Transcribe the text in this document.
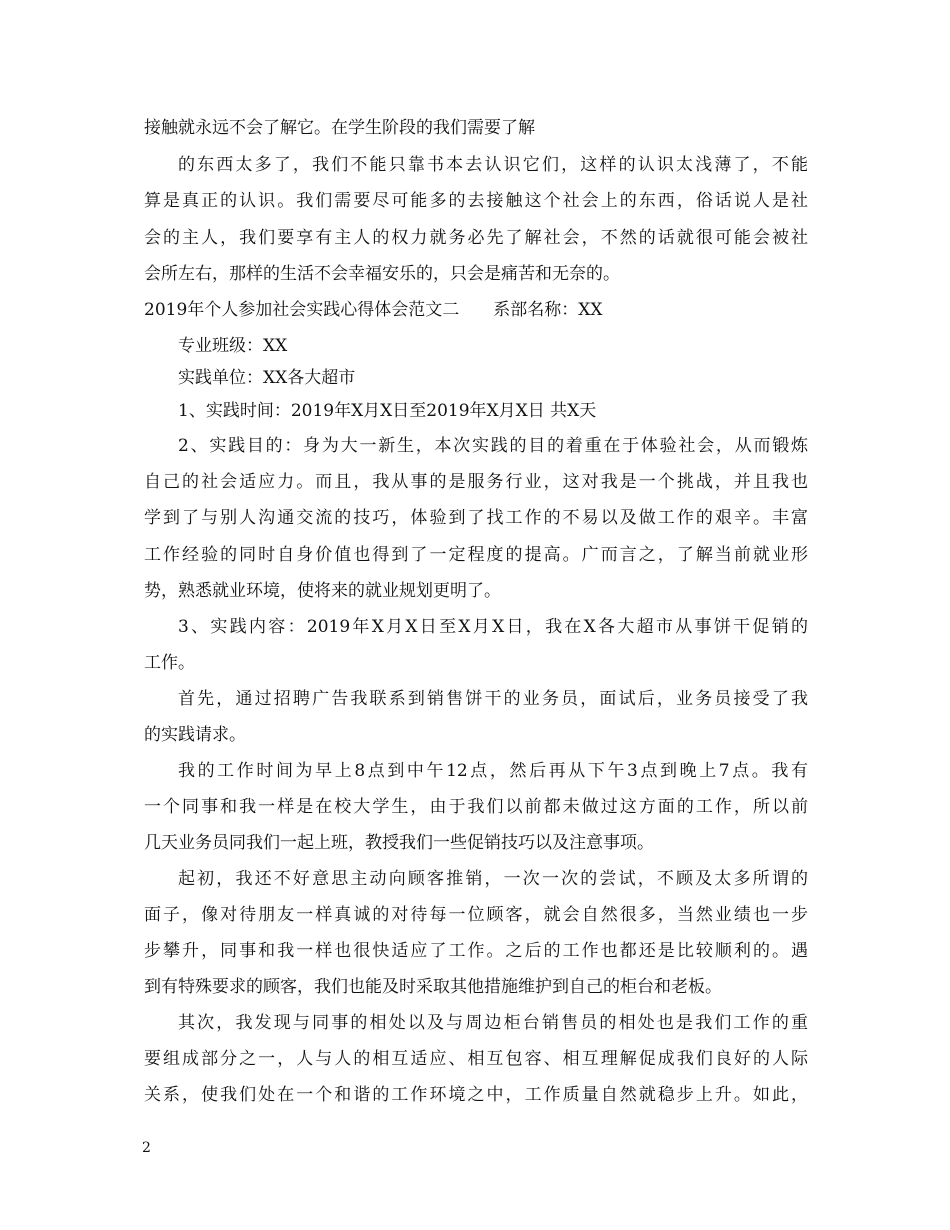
接触就永远不会了解它。在学生阶段的我们需要了解
的东西太多了，我们不能只靠书本去认识它们，这样的认识太浅薄了，不能
算是真正的认识。我们需要尽可能多的去接触这个社会上的东西，俗话说人是社
会的主人，我们要享有主人的权力就务必先了解社会，不然的话就很可能会被社
会所左右，那样的生活不会幸福安乐的，只会是痛苦和无奈的。
2019年个人参加社会实践心得体会范文二　　系部名称：XX
专业班级：XX
实践单位：XX各大超市
1、实践时间：2019年X月X日至2019年X月X日 共X天
2、实践目的：身为大一新生，本次实践的目的着重在于体验社会，从而锻炼
自己的社会适应力。而且，我从事的是服务行业，这对我是一个挑战，并且我也
学到了与别人沟通交流的技巧，体验到了找工作的不易以及做工作的艰辛。丰富
工作经验的同时自身价值也得到了一定程度的提高。广而言之，了解当前就业形
势，熟悉就业环境，使将来的就业规划更明了。
3、实践内容：2019年X月X日至X月X日，我在X各大超市从事饼干促销的
工作。
首先，通过招聘广告我联系到销售饼干的业务员，面试后，业务员接受了我
的实践请求。
我的工作时间为早上8点到中午12点，然后再从下午3点到晚上7点。我有
一个同事和我一样是在校大学生，由于我们以前都未做过这方面的工作，所以前
几天业务员同我们一起上班，教授我们一些促销技巧以及注意事项。
起初，我还不好意思主动向顾客推销，一次一次的尝试，不顾及太多所谓的
面子，像对待朋友一样真诚的对待每一位顾客，就会自然很多，当然业绩也一步
步攀升，同事和我一样也很快适应了工作。之后的工作也都还是比较顺利的。遇
到有特殊要求的顾客，我们也能及时采取其他措施维护到自己的柜台和老板。
其次，我发现与同事的相处以及与周边柜台销售员的相处也是我们工作的重
要组成部分之一，人与人的相互适应、相互包容、相互理解促成我们良好的人际
关系，使我们处在一个和谐的工作环境之中，工作质量自然就稳步上升。如此，
2
